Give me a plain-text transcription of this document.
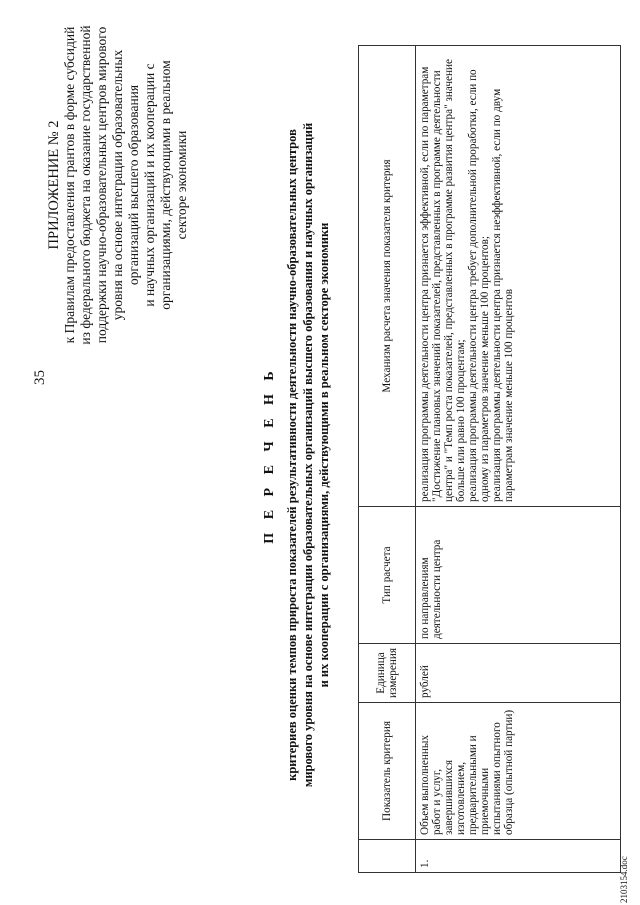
35
ПРИЛОЖЕНИЕ № 2 к Правилам предоставления грантов в форме субсидий из федерального бюджета на оказание государственной поддержки научно-образовательных центров мирового уровня на основе интеграции образовательных организаций высшего образования и научных организаций и их кооперации с организациями, действующими в реальном секторе экономики
П Е Р Е Ч Е Н Ь критериев оценки темпов прироста показателей результативности деятельности научно-образовательных центров мирового уровня на основе интеграции образовательных организаций высшего образования и научных организаций и их кооперации с организациями, действующими в реальном секторе экономики
	Показатель критерия	Единица измерения	Тип расчета	Механизм расчета значения показателя критерия
1.	Объем выполненных работ и услуг, завершившихся изготовлением, предварительными и приемочными испытаниями опытного образца (опытной партии)	рублей	по направлениям деятельности центра	реализация программы деятельности центра признается эффективной, если по параметрам "Достижение плановых значений показателей, представленных в программе деятельности центра" и "Темп роста показателей, представленных в программе развития центра" значение больше или равно 100 процентам; реализация программы деятельности центра требует дополнительной проработки, если по одному из параметров значение меньше 100 процентов; реализация программы деятельности центра признается неэффективной, если по двум параметрам значение меньше 100 процентов
2103154.doc
